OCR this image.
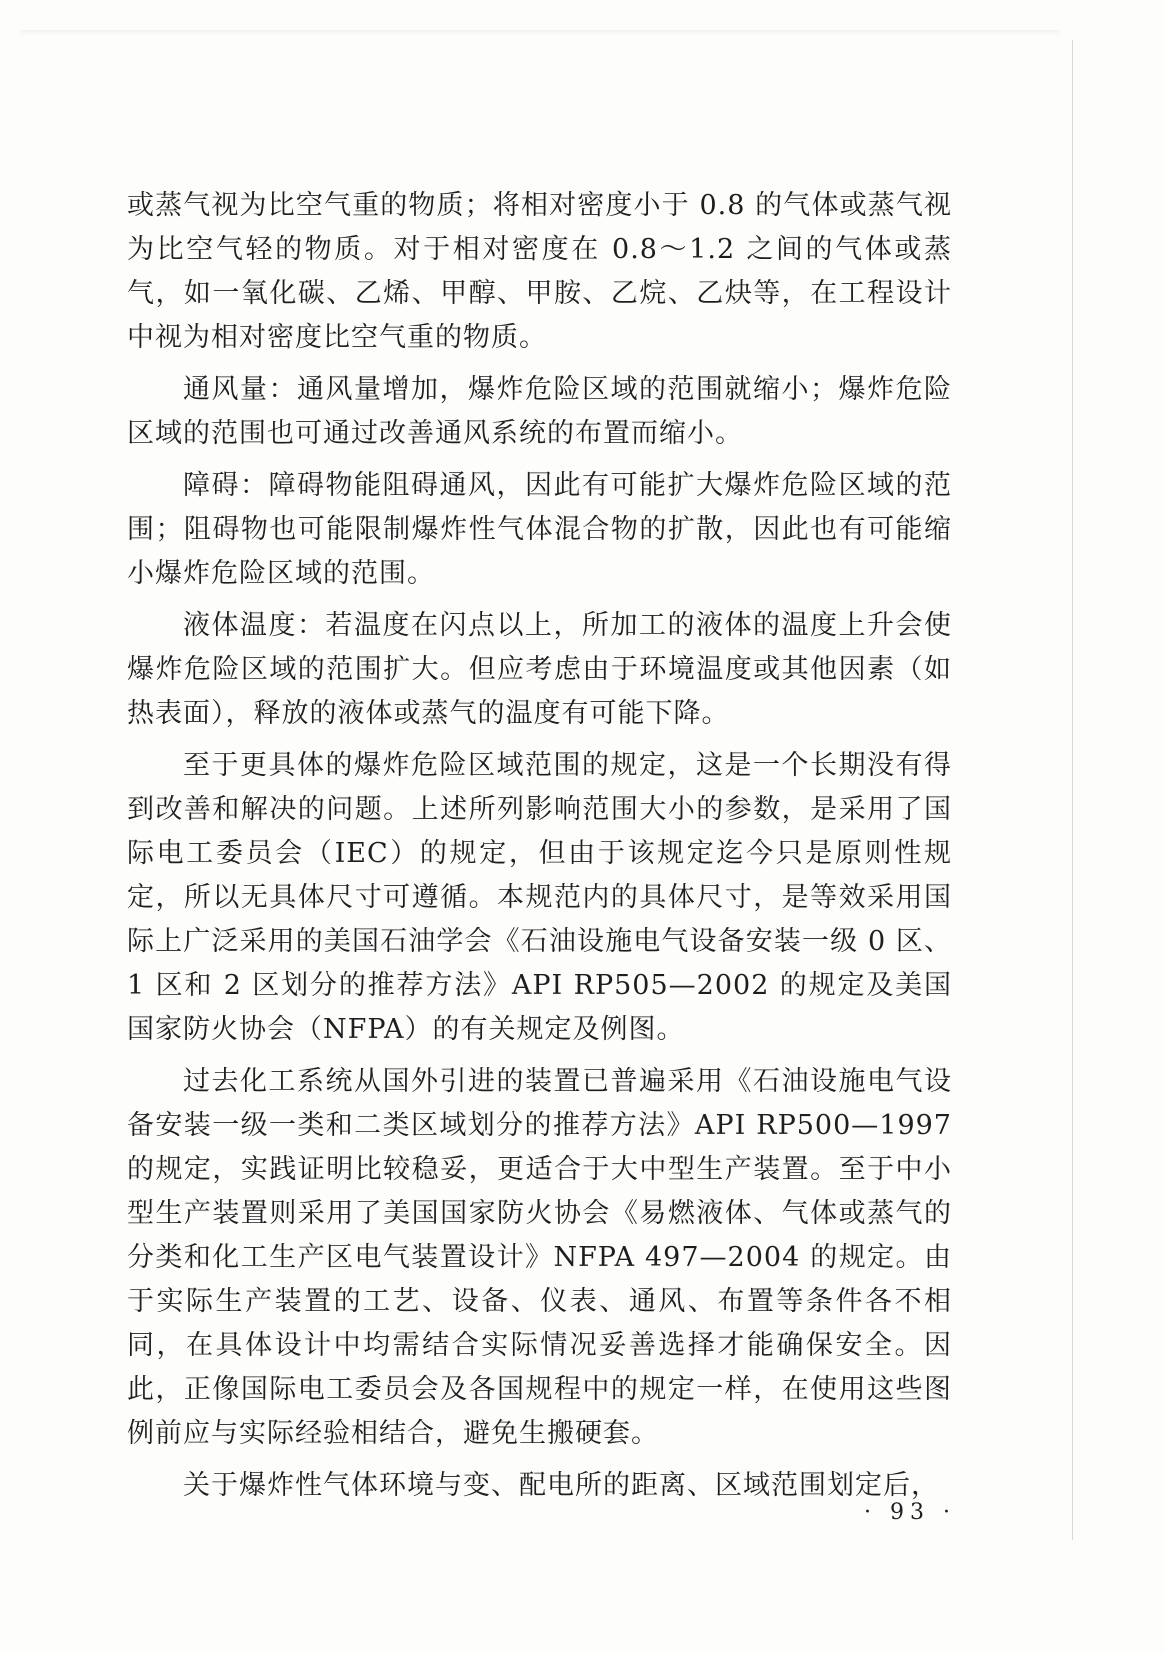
或蒸气视为比空气重的物质；将相对密度小于 0.8 的气体或蒸气视为比空气轻的物质。对于相对密度在 0.8～1.2 之间的气体或蒸气，如一氧化碳、乙烯、甲醇、甲胺、乙烷、乙炔等，在工程设计中视为相对密度比空气重的物质。

通风量：通风量增加，爆炸危险区域的范围就缩小；爆炸危险区域的范围也可通过改善通风系统的布置而缩小。

障碍：障碍物能阻碍通风，因此有可能扩大爆炸危险区域的范围；阻碍物也可能限制爆炸性气体混合物的扩散，因此也有可能缩小爆炸危险区域的范围。

液体温度：若温度在闪点以上，所加工的液体的温度上升会使爆炸危险区域的范围扩大。但应考虑由于环境温度或其他因素（如热表面），释放的液体或蒸气的温度有可能下降。

至于更具体的爆炸危险区域范围的规定，这是一个长期没有得到改善和解决的问题。上述所列影响范围大小的参数，是采用了国际电工委员会（IEC）的规定，但由于该规定迄今只是原则性规定，所以无具体尺寸可遵循。本规范内的具体尺寸，是等效采用国际上广泛采用的美国石油学会《石油设施电气设备安装一级 0 区、1 区和 2 区划分的推荐方法》API RP505—2002 的规定及美国国家防火协会（NFPA）的有关规定及例图。

过去化工系统从国外引进的装置已普遍采用《石油设施电气设备安装一级一类和二类区域划分的推荐方法》API RP500—1997 的规定，实践证明比较稳妥，更适合于大中型生产装置。至于中小型生产装置则采用了美国国家防火协会《易燃液体、气体或蒸气的分类和化工生产区电气装置设计》NFPA 497—2004 的规定。由于实际生产装置的工艺、设备、仪表、通风、布置等条件各不相同，在具体设计中均需结合实际情况妥善选择才能确保安全。因此，正像国际电工委员会及各国规程中的规定一样，在使用这些图例前应与实际经验相结合，避免生搬硬套。

关于爆炸性气体环境与变、配电所的距离、区域范围划定后，

· 93 ·
